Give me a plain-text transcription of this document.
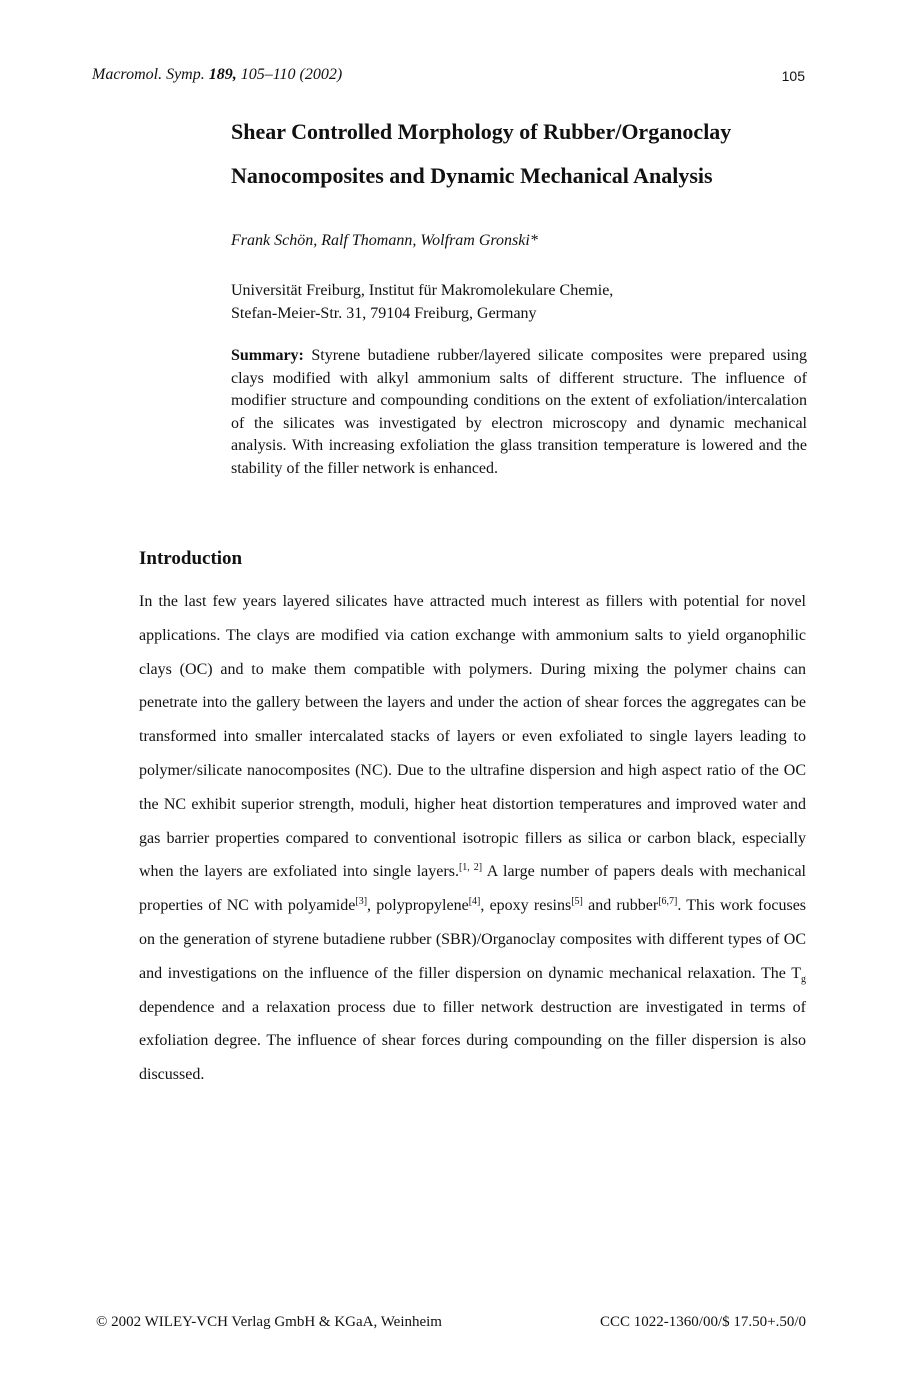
Macromol. Symp. 189, 105–110 (2002)	105
Shear Controlled Morphology of Rubber/Organoclay
Nanocomposites and Dynamic Mechanical Analysis
Frank Schön, Ralf Thomann, Wolfram Gronski*
Universität Freiburg, Institut für Makromolekulare Chemie,
Stefan-Meier-Str. 31, 79104 Freiburg, Germany
Summary: Styrene butadiene rubber/layered silicate composites were prepared using clays modified with alkyl ammonium salts of different structure. The influence of modifier structure and compounding conditions on the extent of exfoliation/intercalation of the silicates was investigated by electron microscopy and dynamic mechanical analysis. With increasing exfoliation the glass transition temperature is lowered and the stability of the filler network is enhanced.
Introduction
In the last few years layered silicates have attracted much interest as fillers with potential for novel applications. The clays are modified via cation exchange with ammonium salts to yield organophilic clays (OC) and to make them compatible with polymers. During mixing the polymer chains can penetrate into the gallery between the layers and under the action of shear forces the aggregates can be transformed into smaller intercalated stacks of layers or even exfoliated to single layers leading to polymer/silicate nanocomposites (NC). Due to the ultrafine dispersion and high aspect ratio of the OC the NC exhibit superior strength, moduli, higher heat distortion temperatures and improved water and gas barrier properties compared to conventional isotropic fillers as silica or carbon black, especially when the layers are exfoliated into single layers.[1, 2] A large number of papers deals with mechanical properties of NC with polyamide[3], polypropylene[4], epoxy resins[5] and rubber[6,7]. This work focuses on the generation of styrene butadiene rubber (SBR)/Organoclay composites with different types of OC and investigations on the influence of the filler dispersion on dynamic mechanical relaxation. The $T_g$ dependence and a relaxation process due to filler network destruction are investigated in terms of exfoliation degree. The influence of shear forces during compounding on the filler dispersion is also discussed.
© 2002 WILEY-VCH Verlag GmbH & KGaA, Weinheim	CCC 1022-1360/00/$ 17.50+.50/0
